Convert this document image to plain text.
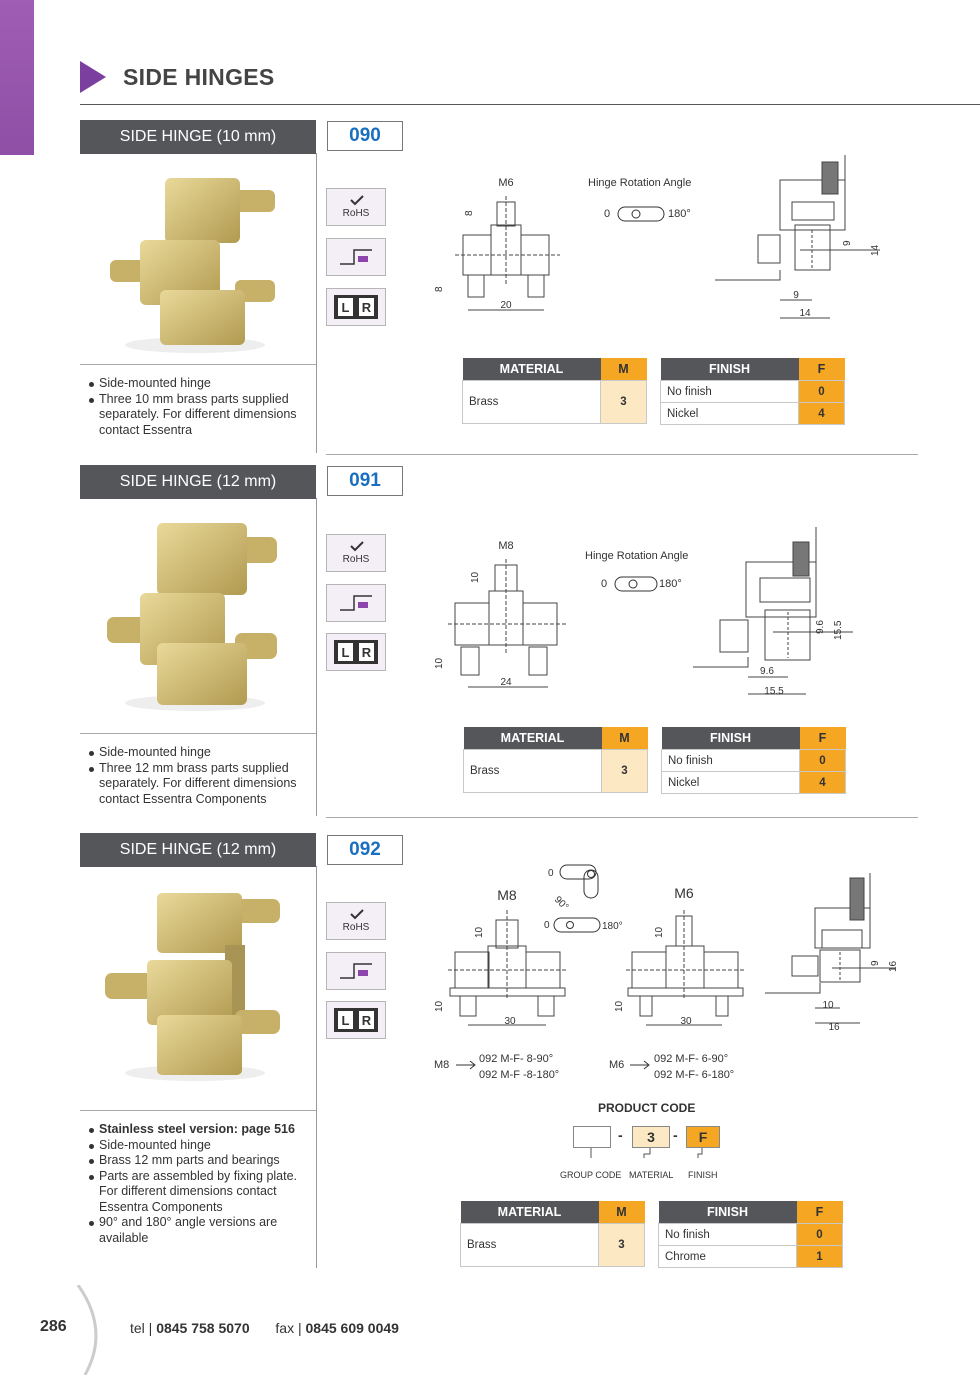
SIDE HINGES
SIDE HINGE (10 mm)	090
RoHS
L R
M6
8
8
20
Hinge Rotation Angle
0	180°
9
14
9
14
Side-mounted hinge
Three 10 mm brass parts supplied separately. For different dimensions contact Essentra
MATERIAL	M
Brass	3
FINISH	F
No finish	0
Nickel	4
SIDE HINGE (12 mm)	091
RoHS
L R
M8
10
10
24
Hinge Rotation Angle
0	180°
9.6 15.5
9.6
15.5
Side-mounted hinge
Three 12 mm brass parts supplied separately. For different dimensions contact Essentra Components
MATERIAL	M
Brass	3
FINISH	F
No finish	0
Nickel	4
SIDE HINGE (12 mm)	092
RoHS
L R
M8
10
10
30
0
90°
0	180°
M6
10
10
30
9 16
10
16
M8	092 M-F- 8-90°
092 M-F -8-180°
M6	092 M-F- 6-90°
092 M-F- 6-180°
PRODUCT CODE
-	3	-	F
GROUP CODE MATERIAL FINISH
Stainless steel version: page 516
Side-mounted hinge
Brass 12 mm parts and bearings
Parts are assembled by fixing plate. For different dimensions contact Essentra Components
90° and 180° angle versions are available
MATERIAL	M
Brass	3
FINISH	F
No finish	0
Chrome	1
286	tel | 0845 758 5070 fax | 0845 609 0049
